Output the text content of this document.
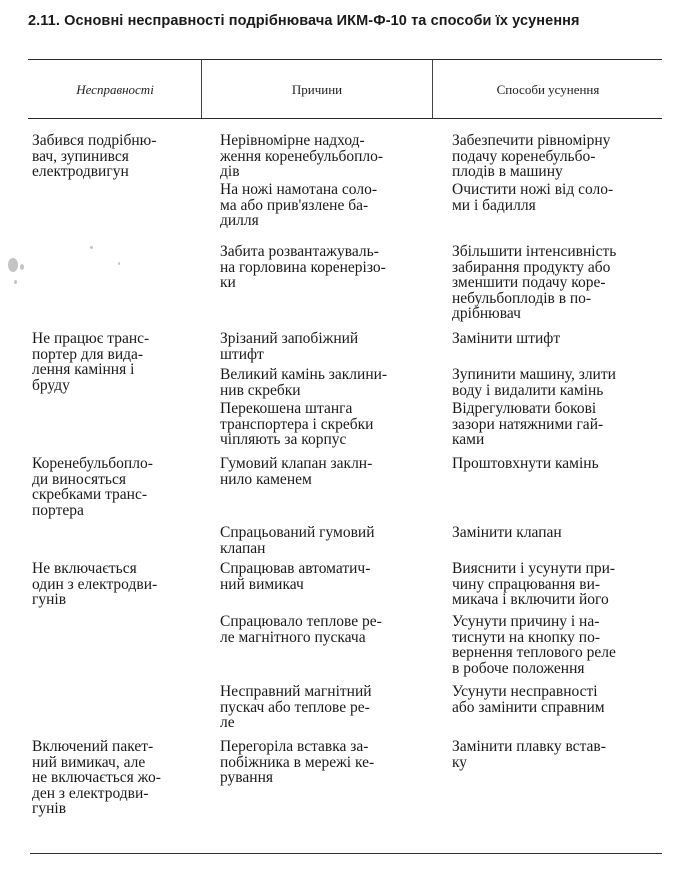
2.11. Основні несправності подрібнювача ИКМ-Ф-10 та способи їх усунення
Несправності	Причини	Способи усунення
Забився подрібню-
вач, зупинився
електродвигун
Нерівномірне надход-
ження коренебульбопло-
дів
Забезпечити рівномірну
подачу коренебульбо-
плодів в машину
На ножі намотана соло-
ма або прив'язлене ба-
дилля
Очистити ножі від соло-
ми і бадилля
Забита розвантажуваль-
на горловина коренерізо-
ки
Збільшити інтенсивність
забирання продукту або
зменшити подачу коре-
небульбоплодів в по-
дрібнювач
Не працює транс-
портер для вида-
лення каміння і
бруду
Зрізаний запобіжний
штифт
Замінити штифт
Великий камінь заклини-
нив скребки
Зупинити машину, злити
воду і видалити камінь
Перекошена штанга
транспортера і скребки
чіпляють за корпус
Відрегулювати бокові
зазори натяжними гай-
ками
Коренебульбопло-
ди виносяться
скребками транс-
портера
Гумовий клапан заклн-
нило каменем
Проштовхнути камінь
Спрацьований гумовий
клапан
Замінити клапан
Не включається
один з електродви-
гунів
Спрацював автоматич-
ний вимикач
Вияснити і усунути при-
чину спрацювання ви-
микача і включити його
Спрацювало теплове ре-
ле магнітного пускача
Усунути причину і на-
тиснути на кнопку по-
вернення теплового реле
в робоче положення
Несправний магнітний
пускач або теплове ре-
ле
Усунути несправності
або замінити справним
Включений пакет-
ний вимикач, але
не включається жо-
ден з електродви-
гунів
Перегоріла вставка за-
побіжника в мережі ке-
рування
Замінити плавку встав-
ку
